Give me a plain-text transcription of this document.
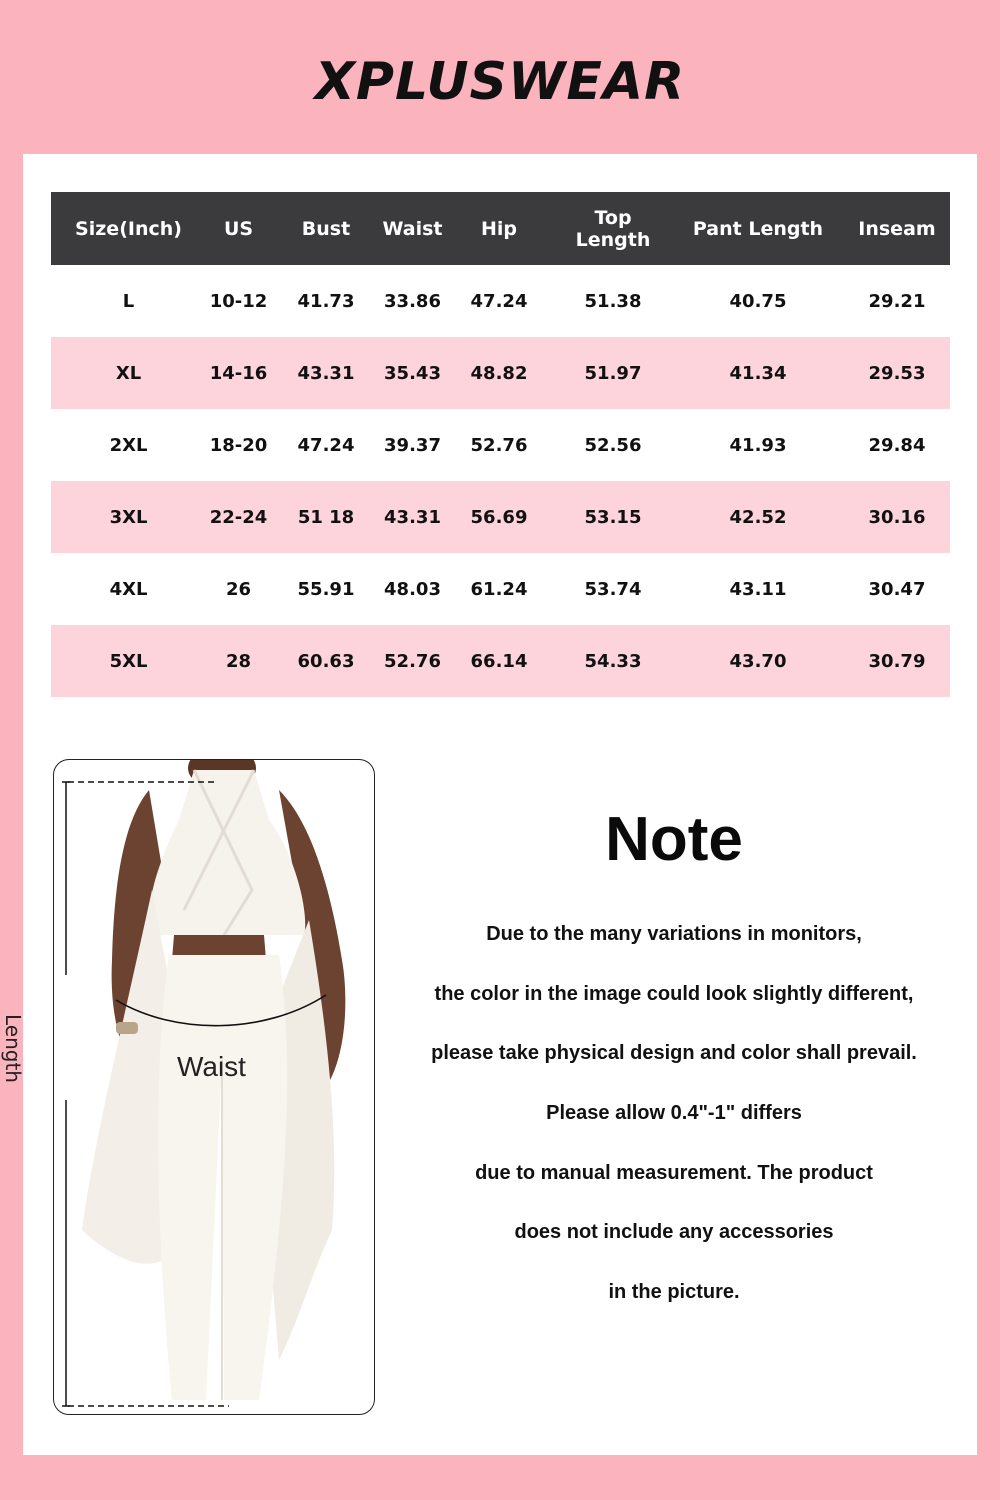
XPLUSWEAR
Size(Inch)	US	Bust	Waist	Hip	Top Length	Pant Length	Inseam
L	10-12	41.73	33.86	47.24	51.38	40.75	29.21
XL	14-16	43.31	35.43	48.82	51.97	41.34	29.53
2XL	18-20	47.24	39.37	52.76	52.56	41.93	29.84
3XL	22-24	51 18	43.31	56.69	53.15	42.52	30.16
4XL	26	55.91	48.03	61.24	53.74	43.11	30.47
5XL	28	60.63	52.76	66.14	54.33	43.70	30.79
Length	Waist
Note
Due to the many variations in monitors,
the color in the image could look slightly different,
please take physical design and color shall prevail.
Please allow 0.4"-1" differs
due to manual measurement. The product
does not include any accessories
in the picture.
